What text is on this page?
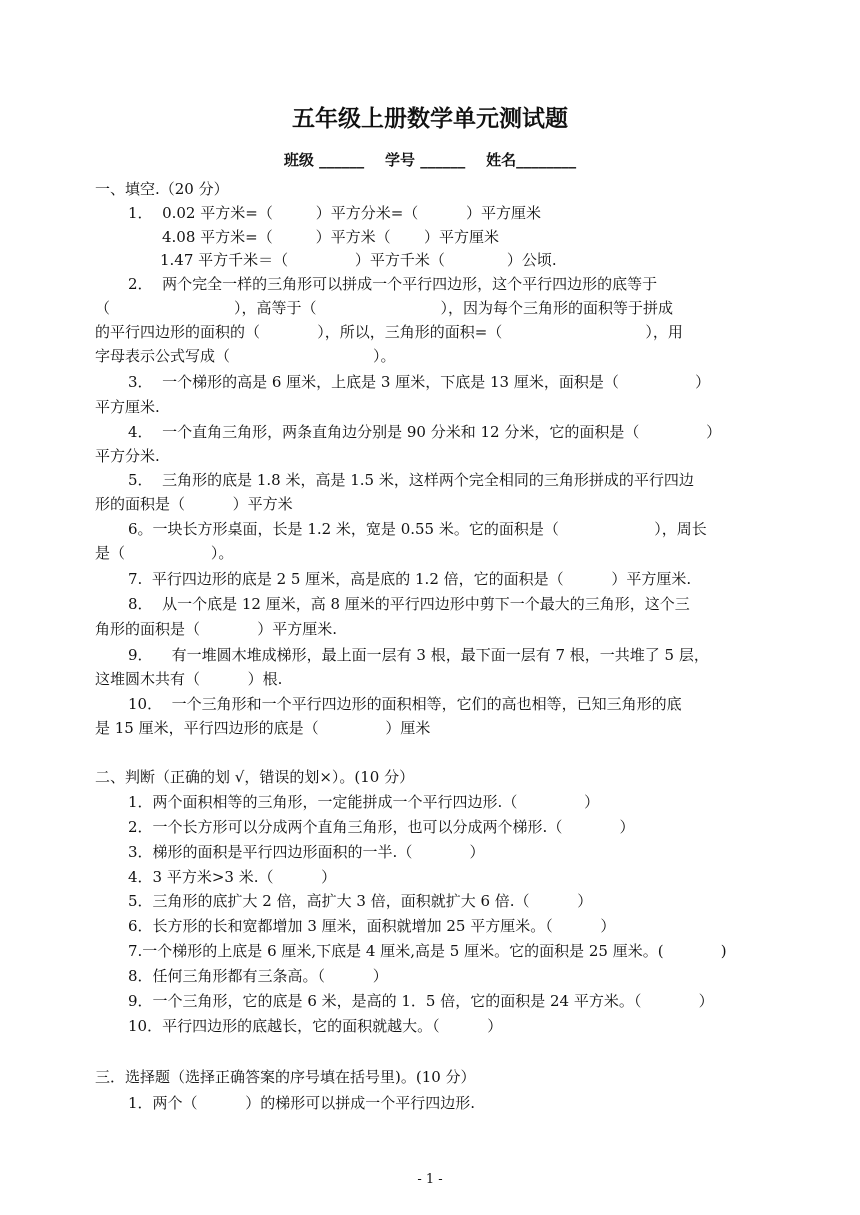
五年级上册数学单元测试题
班级 ______    学号 ______    姓名________
一、填空.（20 分）
1．  0.02 平方米=（         ）平方分米=（          ）平方厘米
4.08 平方米=（         ）平方米（       ）平方厘米
1.47 平方千米＝（              ）平方千米（             ）公顷.
2．  两个完全一样的三角形可以拼成一个平行四边形，这个平行四边形的底等于
（                          ），高等于（                          ），因为每个三角形的面积等于拼成
的平行四边形的面积的（            ），所以，三角形的面积=（                              ），用
字母表示公式写成（                              ）。
3．  一个梯形的高是 6 厘米，上底是 3 厘米，下底是 13 厘米，面积是（                ）
平方厘米.
4．  一个直角三角形，两条直角边分别是 90 分米和 12 分米，它的面积是（              ）
平方分米.
5．  三角形的底是 1.8 米，高是 1.5 米，这样两个完全相同的三角形拼成的平行四边
形的面积是（          ）平方米
6。一块长方形桌面，长是 1.2 米，宽是 0.55 米。它的面积是（                    ），周长
是（                  ）。
7.  平行四边形的底是 2 5 厘米，高是底的 1.2 倍，它的面积是（          ）平方厘米.
8．  从一个底是 12 厘米，高 8 厘米的平行四边形中剪下一个最大的三角形，这个三
角形的面积是（            ）平方厘米.
9．    有一堆圆木堆成梯形，最上面一层有 3 根，最下面一层有 7 根，一共堆了 5 层，
这堆圆木共有（          ）根.
10．  一个三角形和一个平行四边形的面积相等，它们的高也相等，已知三角形的底
是 15 厘米，平行四边形的底是（              ）厘米
二、判断（正确的划 √，错误的划×）。(10 分）
1．两个面积相等的三角形，一定能拼成一个平行四边形.（              ）
2．一个长方形可以分成两个直角三角形，也可以分成两个梯形.（            ）
3．梯形的面积是平行四边形面积的一半.（            ）
4．3 平方米>3 米.（          ）
5．三角形的底扩大 2 倍，高扩大 3 倍，面积就扩大 6 倍.（          ）
6．长方形的长和宽都增加 3 厘米，面积就增加 25 平方厘米。（          ）
7.一个梯形的上底是 6 厘米,下底是 4 厘米,高是 5 厘米。它的面积是 25 厘米。(            )
8．任何三角形都有三条高。（          ）
9．一个三角形，它的底是 6 米，是高的 1．5 倍，它的面积是 24 平方米。（            ）
10．平行四边形的底越长，它的面积就越大。（          ）
三．选择题（选择正确答案的序号填在括号里)。(10 分）
1．两个（          ）的梯形可以拼成一个平行四边形.
- 1 -
